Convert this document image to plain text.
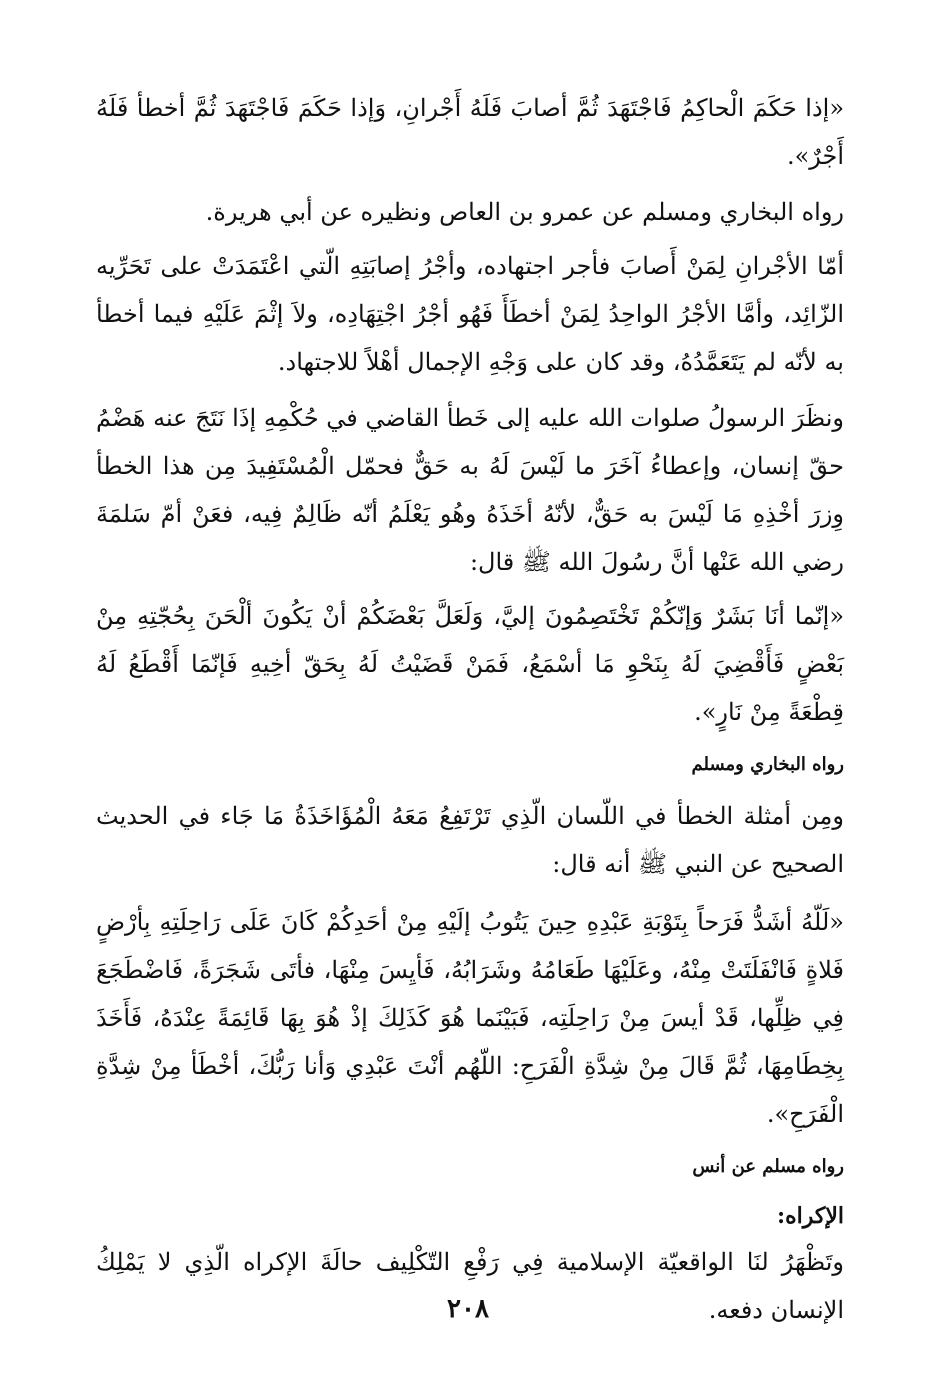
«إذا حَكَمَ الْحاكِمُ فَاجْتَهَدَ ثُمَّ أصابَ فَلَهُ أَجْرانِ، وَإذا حَكَمَ فَاجْتَهَدَ ثُمَّ أخطأ فَلَهُ أَجْرٌ».

رواه البخاري ومسلم عن عمرو بن العاص ونظيره عن أبي هريرة.

أمّا الأجْرانِ لِمَنْ أَصابَ فأجر اجتهاده، وأجْرُ إصابَتِهِ الّتي اعْتَمَدَتْ على تَحَرِّيه الزّائِد، وأمَّا الأجْرُ الواحِدُ لِمَنْ أخطَأَ فَهُو أجْرُ اجْتِهَادِه، ولاَ إثْمَ عَلَيْهِ فيما أخطأ به لأنّه لم يَتَعَمَّدُهُ، وقد كان على وَجْهِ الإجمال أهْلاً للاجتهاد.

ونظَرَ الرسولُ صلوات الله عليه إلى خَطأ القاضي في حُكْمِهِ إذَا نَتَجَ عنه هَضْمُ حقّ إنسان، وإعطاءُ آخَرَ ما لَيْسَ لَهُ به حَقٌّ فحمّل الْمُسْتَفِيدَ مِن هذا الخطأ وِزرَ أخْذِهِ مَا لَيْسَ به حَقٌّ، لأنّهُ أخَذَهُ وهُو يَعْلَمُ أنّه ظَالِمٌ فِيه، فعَنْ أمّ سَلمَةَ رضي الله عَنْها أنَّ رسُولَ الله ﷺ قال:

«إنّما أنَا بَشَرٌ وَإنّكُمْ تَخْتَصِمُونَ إليَّ، وَلَعَلَّ بَعْضَكُمْ أنْ يَكُونَ ألْحَنَ بِحُجّتِهِ مِنْ بَعْضٍ فَأَقْضِيَ لَهُ بِنَحْوِ مَا أسْمَعُ، فَمَنْ قَضَيْتُ لَهُ بِحَقّ أخِيهِ فَإنّمَا أَقْطَعُ لَهُ قِطْعَةً مِنْ نَارٍ».

رواه البخاري ومسلم

ومِن أمثلة الخطأ في اللّسان الّذِي تَرْتَفِعُ مَعَهُ الْمُؤَاخَذَةُ مَا جَاء في الحديث الصحيح عن النبي ﷺ أنه قال:

«لَلّهُ أشَدُّ فَرَحاً بِتَوْبَةِ عَبْدِهِ حِينَ يَتُوبُ إلَيْهِ مِنْ أحَدِكُمْ كَانَ عَلَى رَاحِلَتِهِ بِأرْضٍ فَلاةٍ فَانْفَلَتَتْ مِنْهُ، وعَلَيْهَا طَعَامُهُ وشَرَابُهُ، فَأيِسَ مِنْهَا، فأتَى شَجَرَةً، فَاضْطَجَعَ فِي ظِلِّها، قَدْ أيسَ مِنْ رَاحِلَتِه، فَبَيْنَما هُوَ كَذَلِكَ إذْ هُوَ بِهَا قَائِمَةً عِنْدَهُ، فَأَخَذَ بِخِطَامِهَا، ثُمَّ قَالَ مِنْ شِدَّةِ الْفَرَحِ: اللّهُم أنْتَ عَبْدِي وَأنا رَبُّكَ، أخْطَأ مِنْ شِدَّةِ الْفَرَحِ».

رواه مسلم عن أنس

الإكراه:

وتَظْهَرُ لنَا الواقعيّة الإسلامية فِي رَفْعِ التّكْلِيف حالَةَ الإكراه الّذِي لا يَمْلِكُ الإنسان دفعه.

٢٠٨
